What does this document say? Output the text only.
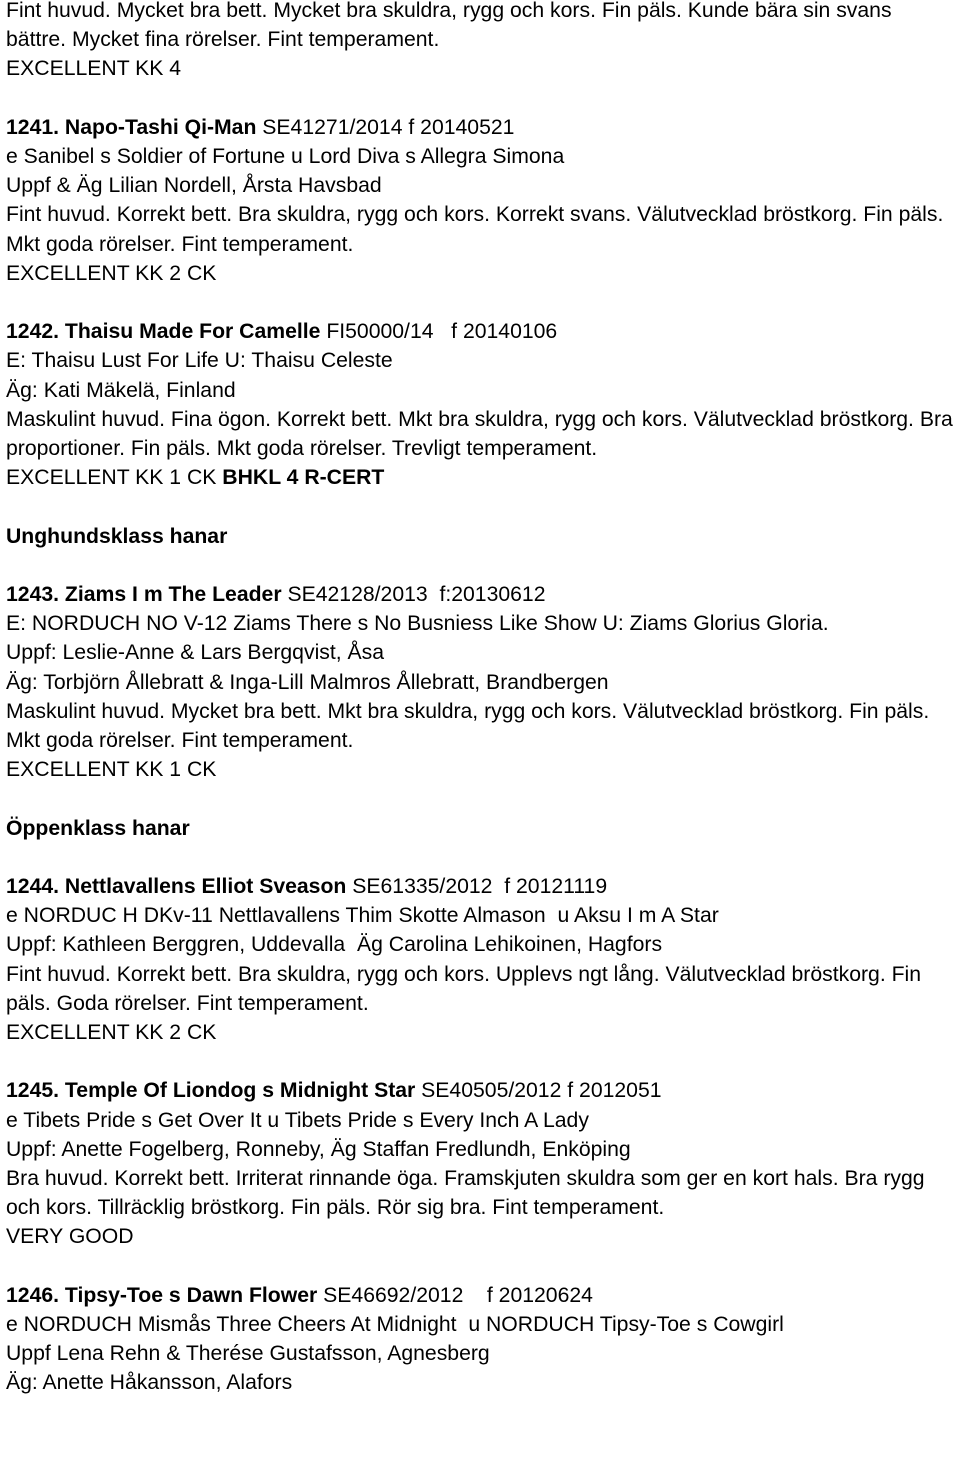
Fint huvud. Mycket bra bett. Mycket bra skuldra, rygg och kors. Fin päls. Kunde bära sin svans bättre. Mycket fina rörelser. Fint temperament.
EXCELLENT KK 4
1241. Napo-Tashi Qi-Man SE41271/2014 f 20140521
e Sanibel s Soldier of Fortune u Lord Diva s Allegra Simona
Uppf & Äg Lilian Nordell, Årsta Havsbad
Fint huvud. Korrekt bett. Bra skuldra, rygg och kors. Korrekt svans. Välutvecklad bröstkorg. Fin päls. Mkt goda rörelser. Fint temperament.
EXCELLENT KK 2 CK
1242. Thaisu Made For Camelle FI50000/14   f 20140106
E: Thaisu Lust For Life U: Thaisu Celeste
Äg: Kati Mäkelä, Finland
Maskulint huvud. Fina ögon. Korrekt bett. Mkt bra skuldra, rygg och kors. Välutvecklad bröstkorg. Bra proportioner. Fin päls. Mkt goda rörelser. Trevligt temperament.
EXCELLENT KK 1 CK BHKL 4 R-CERT
Unghundsklass hanar
1243. Ziams I m The Leader SE42128/2013  f:20130612
E: NORDUCH NO V-12 Ziams There s No Busniess Like Show U: Ziams Glorius Gloria.
Uppf: Leslie-Anne & Lars Bergqvist, Åsa
Äg: Torbjörn Ållebratt & Inga-Lill Malmros Ållebratt, Brandbergen
Maskulint huvud. Mycket bra bett. Mkt bra skuldra, rygg och kors. Välutvecklad bröstkorg. Fin päls. Mkt goda rörelser. Fint temperament.
EXCELLENT KK 1 CK
Öppenklass hanar
1244. Nettlavallens Elliot Sveason SE61335/2012  f 20121119
e NORDUC H DKv-11 Nettlavallens Thim Skotte Almason  u Aksu I m A Star
Uppf: Kathleen Berggren, Uddevalla  Äg Carolina Lehikoinen, Hagfors
Fint huvud. Korrekt bett. Bra skuldra, rygg och kors. Upplevs ngt lång. Välutvecklad bröstkorg. Fin päls. Goda rörelser. Fint temperament.
EXCELLENT KK 2 CK
1245. Temple Of Liondog s Midnight Star SE40505/2012 f 2012051
e Tibets Pride s Get Over It u Tibets Pride s Every Inch A Lady
Uppf: Anette Fogelberg, Ronneby, Äg Staffan Fredlundh, Enköping
Bra huvud. Korrekt bett. Irriterat rinnande öga. Framskjuten skuldra som ger en kort hals. Bra rygg och kors. Tillräcklig bröstkorg. Fin päls. Rör sig bra. Fint temperament.
VERY GOOD
1246. Tipsy-Toe s Dawn Flower SE46692/2012    f 20120624
e NORDUCH Mismås Three Cheers At Midnight  u NORDUCH Tipsy-Toe s Cowgirl
Uppf Lena Rehn & Therése Gustafsson, Agnesberg
Äg: Anette Håkansson, Alafors
